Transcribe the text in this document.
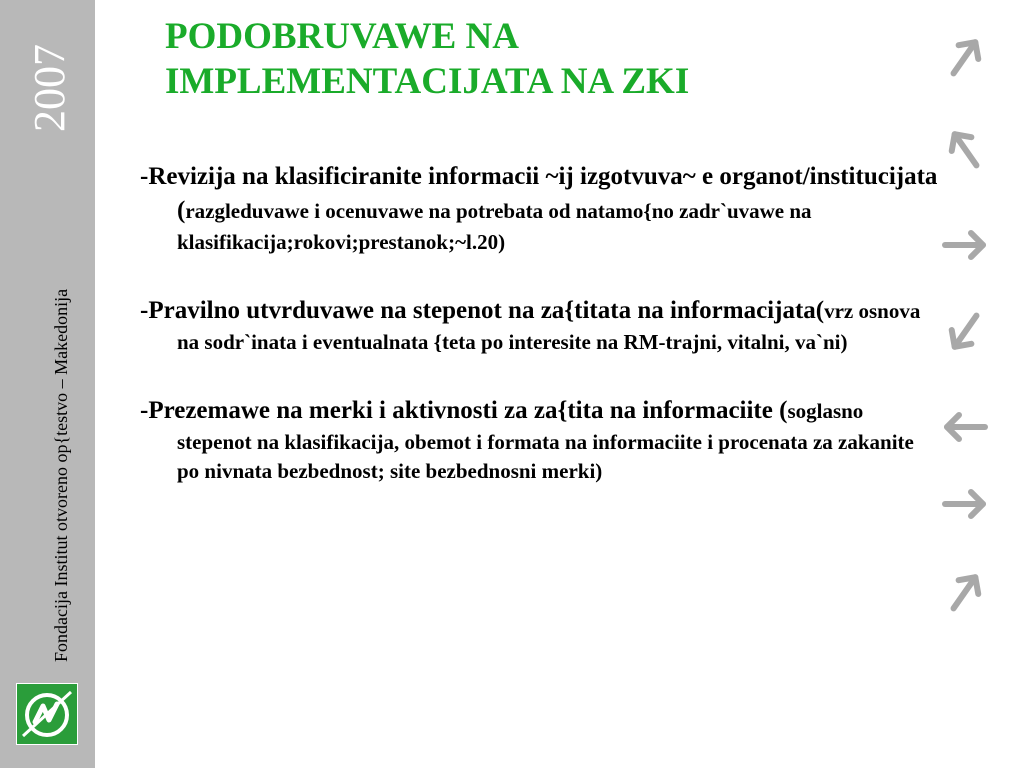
2007
Fondacija Institut otvoreno op{testvo – Makedonija
PODOBRUVAWE NA
IMPLEMENTACIJATA NA ZKI

-Revizija na klasificiranite informacii ~ij izgotvuva~ e organot/institucijata (razgleduvawe i ocenuvawe na potrebata od natamo{no zadr`uvawe na klasifikacija;rokovi;prestanok;~l.20)

-Pravilno utvrduvawe na stepenot na za{titata na informacijata(vrz osnova na sodr`inata i eventualnata {teta po interesite na RM-trajni, vitalni, va`ni)

-Prezemawe na merki i aktivnosti za za{tita na informaciite (soglasno stepenot na klasifikacija, obemot i formata na informaciite i procenata za zakanite po nivnata bezbednost; site bezbednosni merki)
